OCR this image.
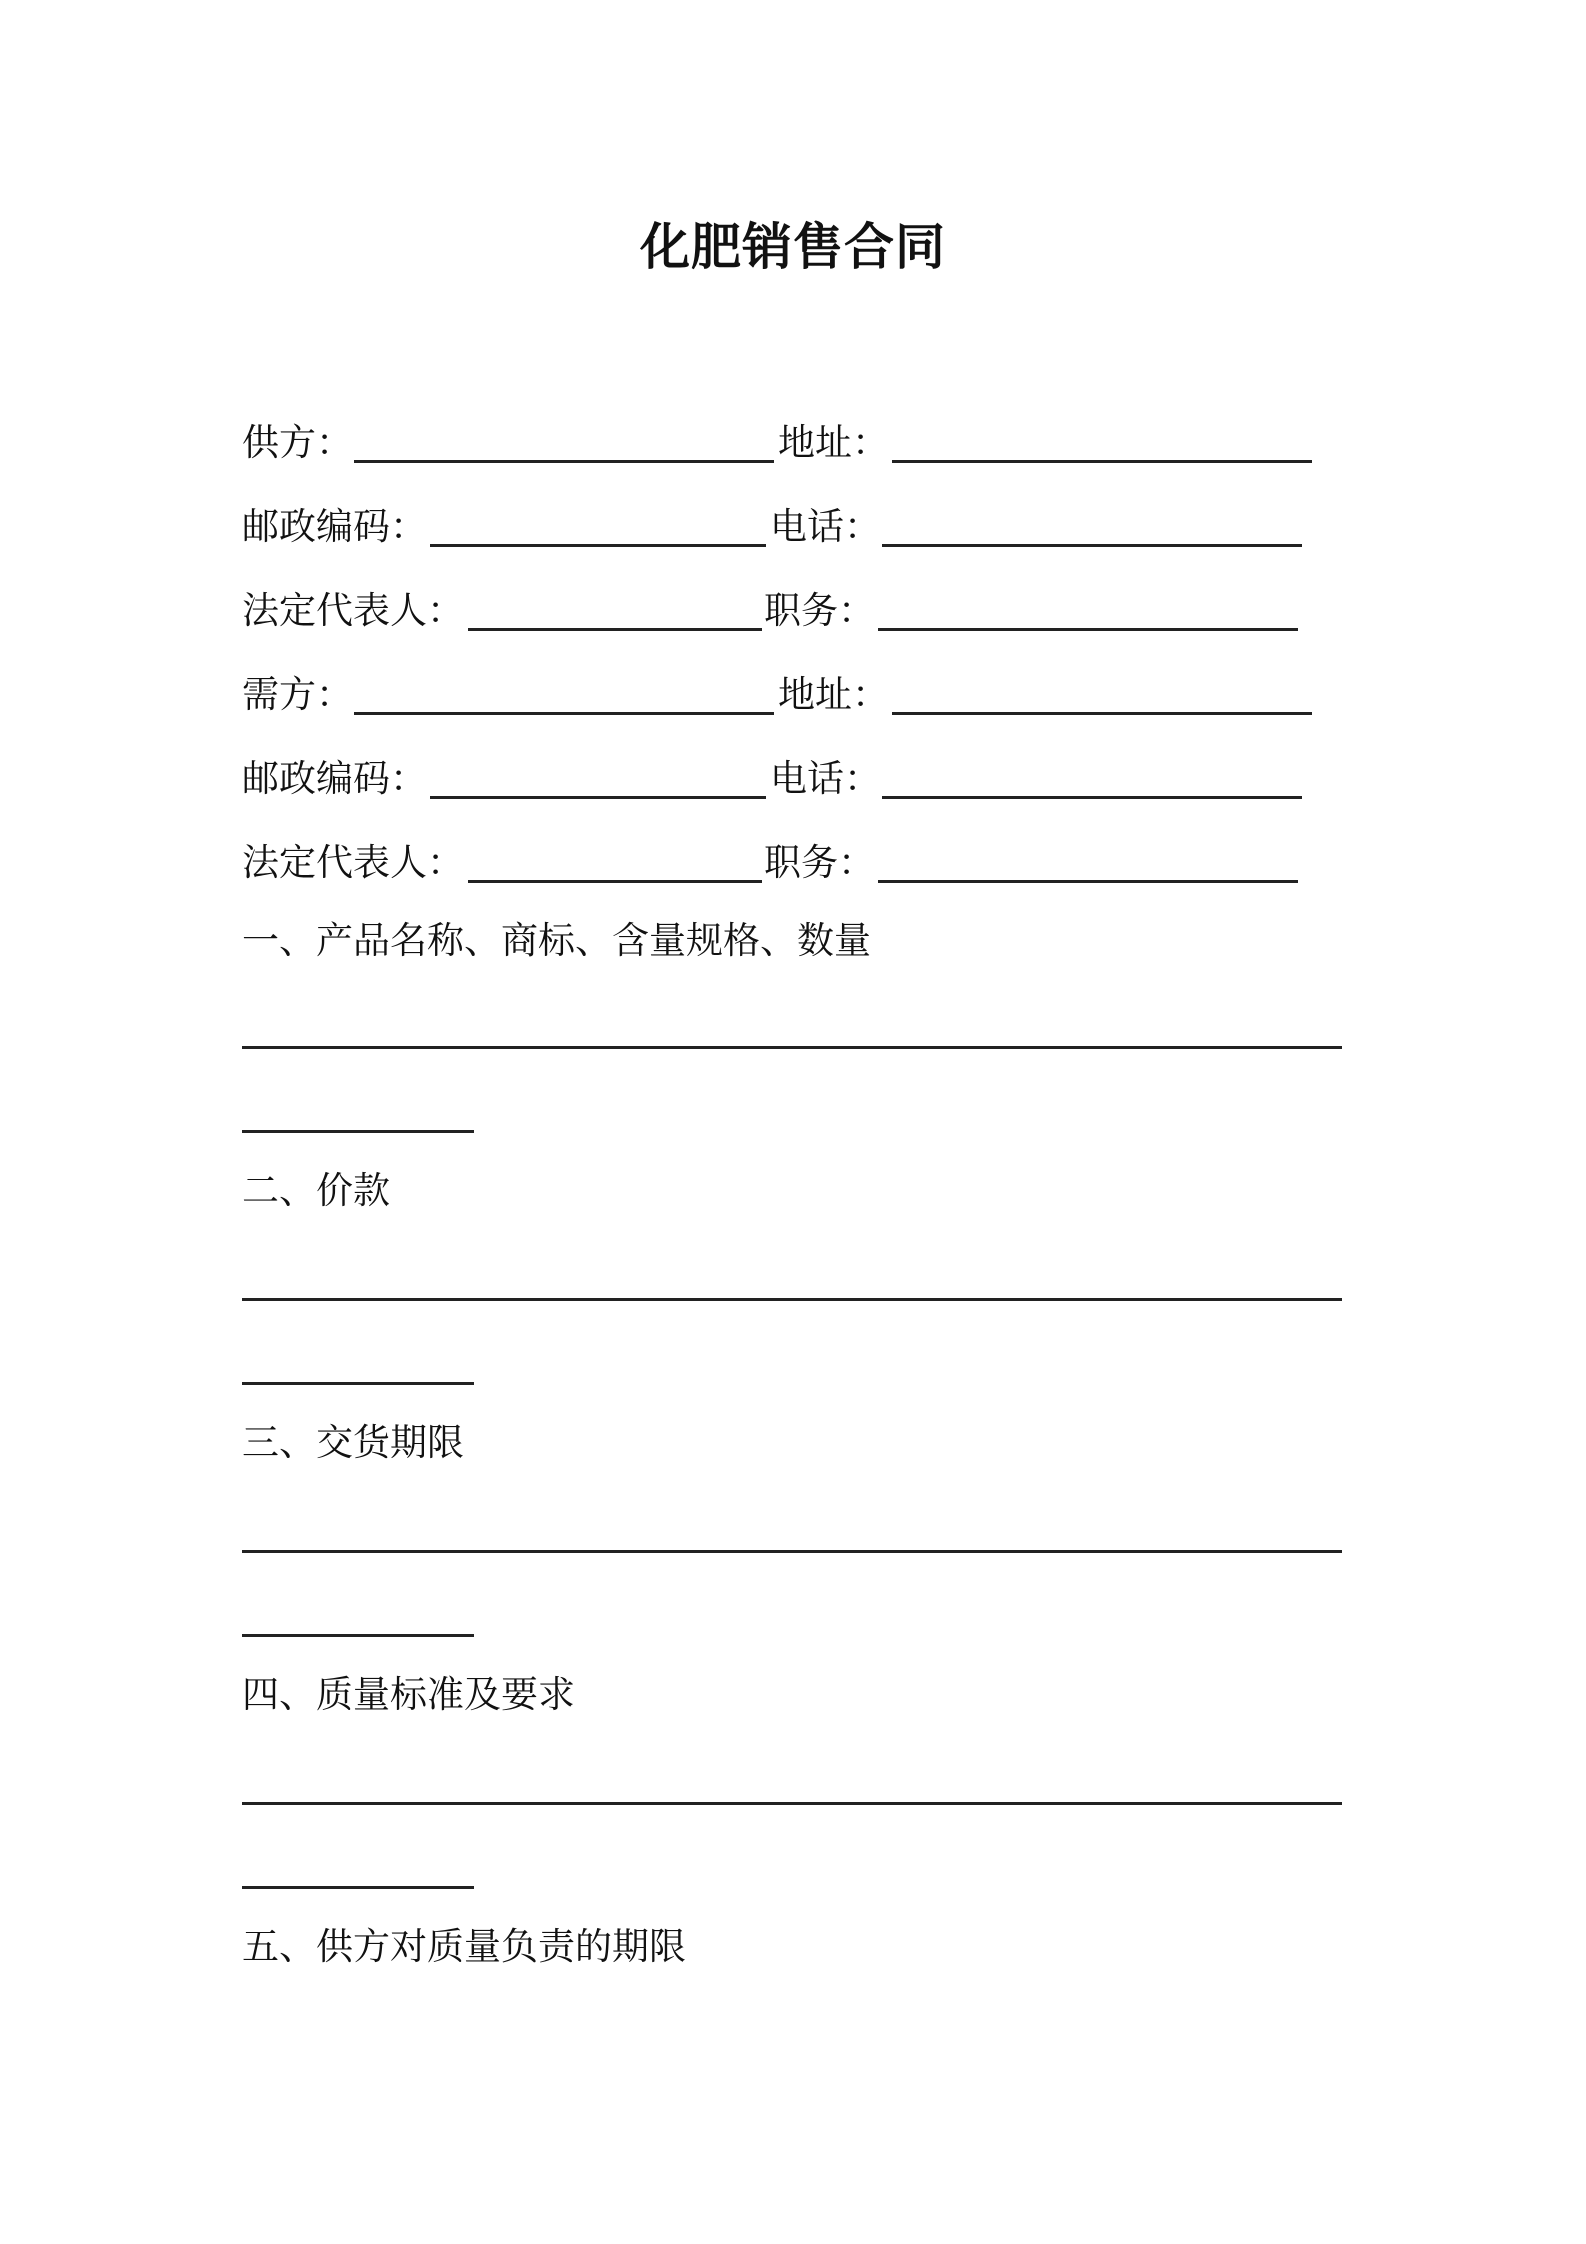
化肥销售合同
供方：	地址：
邮政编码：	电话：
法定代表人：	职务：
需方：	地址：
邮政编码：	电话：
法定代表人：	职务：
一、产品名称、商标、含量规格、数量
二、价款
三、交货期限
四、质量标准及要求
五、供方对质量负责的期限
